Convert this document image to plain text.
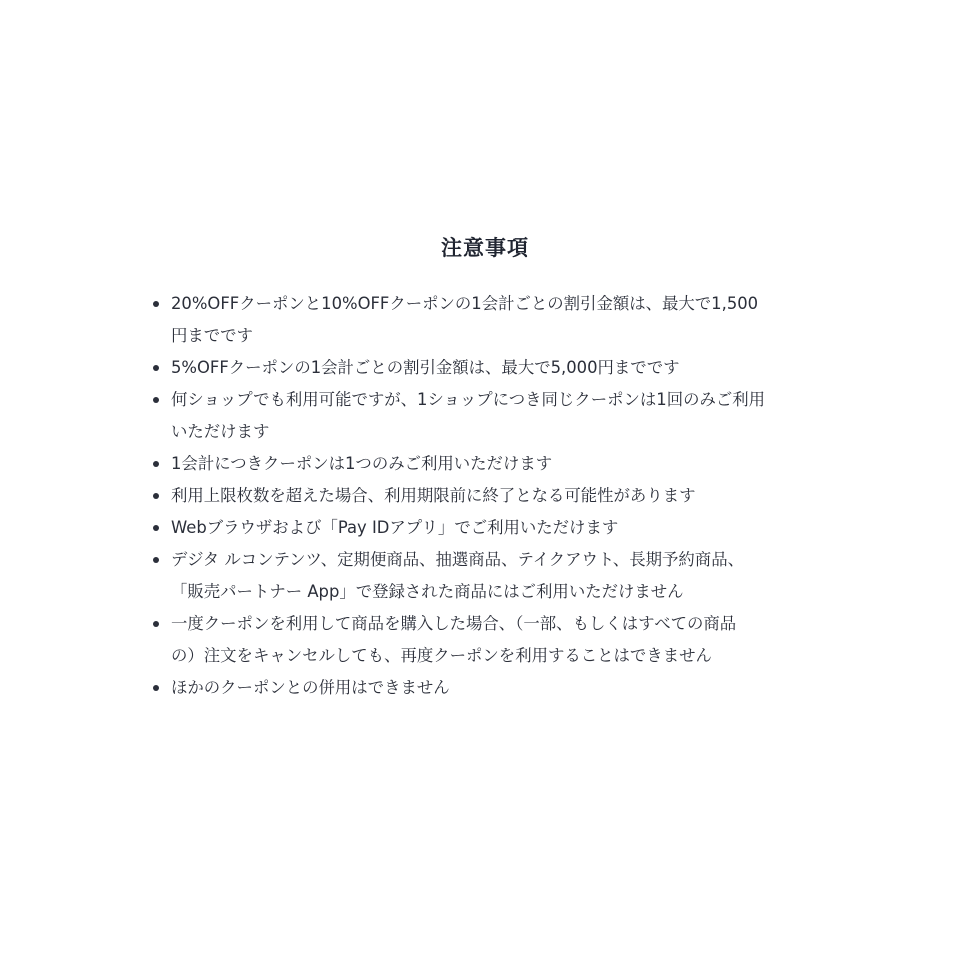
注意事項
20%OFFクーポンと10%OFFクーポンの1会計ごとの割引金額は、最大で1,500
円までです
5%OFFクーポンの1会計ごとの割引金額は、最大で5,000円までです
何ショップでも利用可能ですが、1ショップにつき同じクーポンは1回のみご利用
いただけます
1会計につきクーポンは1つのみご利用いただけます
利用上限枚数を超えた場合、利用期限前に終了となる可能性があります
Webブラウザおよび「Pay IDアプリ」でご利用いただけます
デジタ ルコンテンツ、定期便商品、抽選商品、テイクアウト、長期予約商品、
「販売パートナー App」で登録された商品にはご利用いただけません
一度クーポンを利用して商品を購入した場合、（一部、もしくはすべての商品
の）注文をキャンセルしても、再度クーポンを利用することはできません
ほかのクーポンとの併用はできません
